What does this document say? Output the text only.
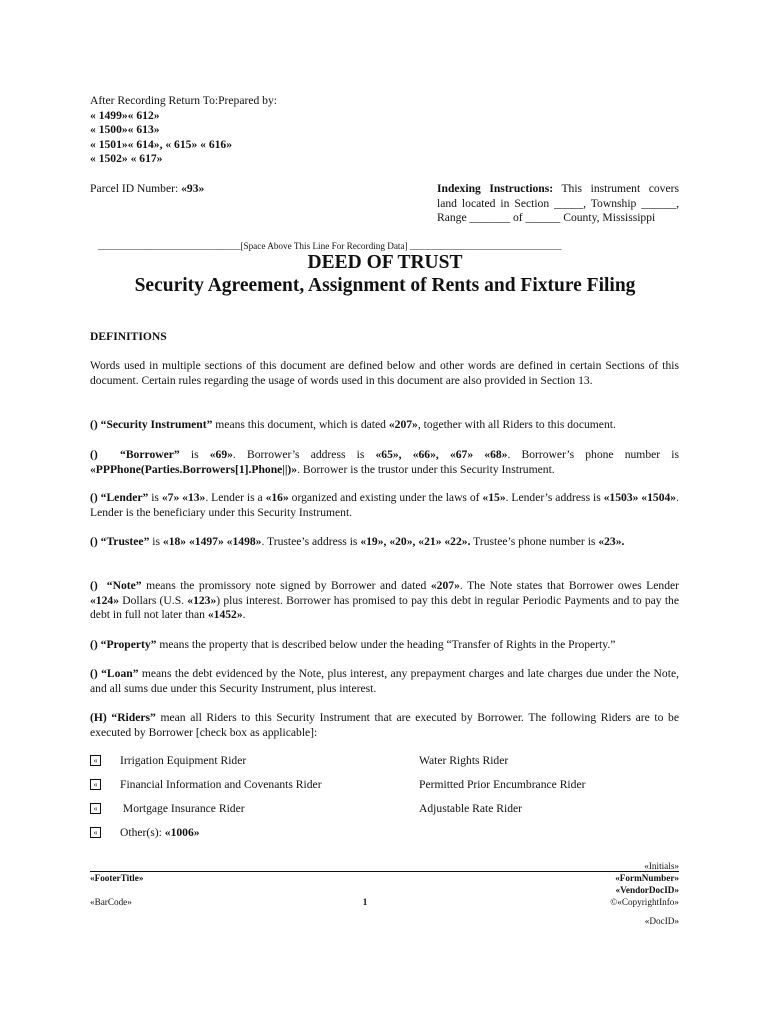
After Recording Return To:Prepared by:
« 1499»« 612»
« 1500»« 613»
« 1501»« 614», « 615» « 616»
« 1502» « 617»
Parcel ID Number: «93»	Indexing Instructions: This instrument covers land located in Section _____, Township ______, Range _______ of ______ County, Mississippi
_______________________________[Space Above This Line For Recording Data] _________________________________
DEED OF TRUST
Security Agreement, Assignment of Rents and Fixture Filing
DEFINITIONS
Words used in multiple sections of this document are defined below and other words are defined in certain Sections of this document. Certain rules regarding the usage of words used in this document are also provided in Section 13.
() “Security Instrument” means this document, which is dated «207», together with all Riders to this document.
() “Borrower” is «69». Borrower’s address is «65», «66», «67» «68». Borrower’s phone number is «PPPhone(Parties.Borrowers[1].Phone||)». Borrower is the trustor under this Security Instrument.
() “Lender” is «7» «13». Lender is a «16» organized and existing under the laws of «15». Lender’s address is «1503» «1504». Lender is the beneficiary under this Security Instrument.
() “Trustee” is «18» «1497» «1498». Trustee’s address is «19», «20», «21» «22». Trustee’s phone number is «23».
() “Note” means the promissory note signed by Borrower and dated «207». The Note states that Borrower owes Lender «124» Dollars (U.S. «123») plus interest. Borrower has promised to pay this debt in regular Periodic Payments and to pay the debt in full not later than «1452».
() “Property” means the property that is described below under the heading “Transfer of Rights in the Property.”
() “Loan” means the debt evidenced by the Note, plus interest, any prepayment charges and late charges due under the Note, and all sums due under this Security Instrument, plus interest.
(H) “Riders” mean all Riders to this Security Instrument that are executed by Borrower. The following Riders are to be executed by Borrower [check box as applicable]:
«	Irrigation Equipment Rider	Water Rights Rider
«	Financial Information and Covenants Rider	Permitted Prior Encumbrance Rider
«	Mortgage Insurance Rider	Adjustable Rate Rider
«	Other(s): «1006»
«Initials»
«FooterTitle»	«FormNumber»
«VendorDocID»
«BarCode»	1	©«CopyrightInfo»
«DocID»
